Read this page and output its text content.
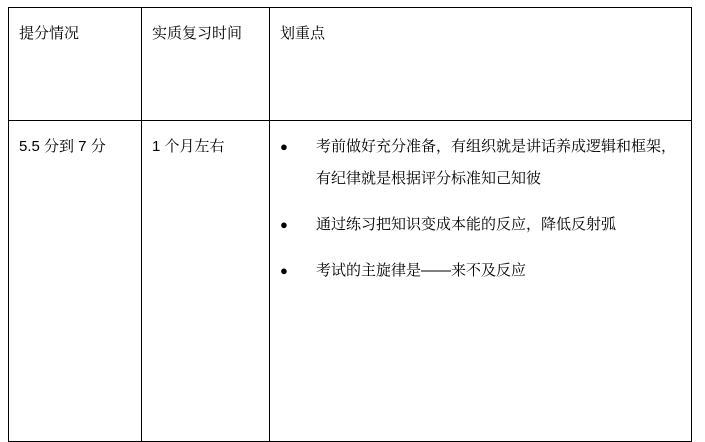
提分情况	实质复习时间	划重点

5.5 分到 7 分	1 个月左右	● 考前做好充分准备，有组织就是讲话养成逻辑和框架，有纪律就是根据评分标准知己知彼
● 通过练习把知识变成本能的反应，降低反射弧
● 考试的主旋律是——来不及反应
